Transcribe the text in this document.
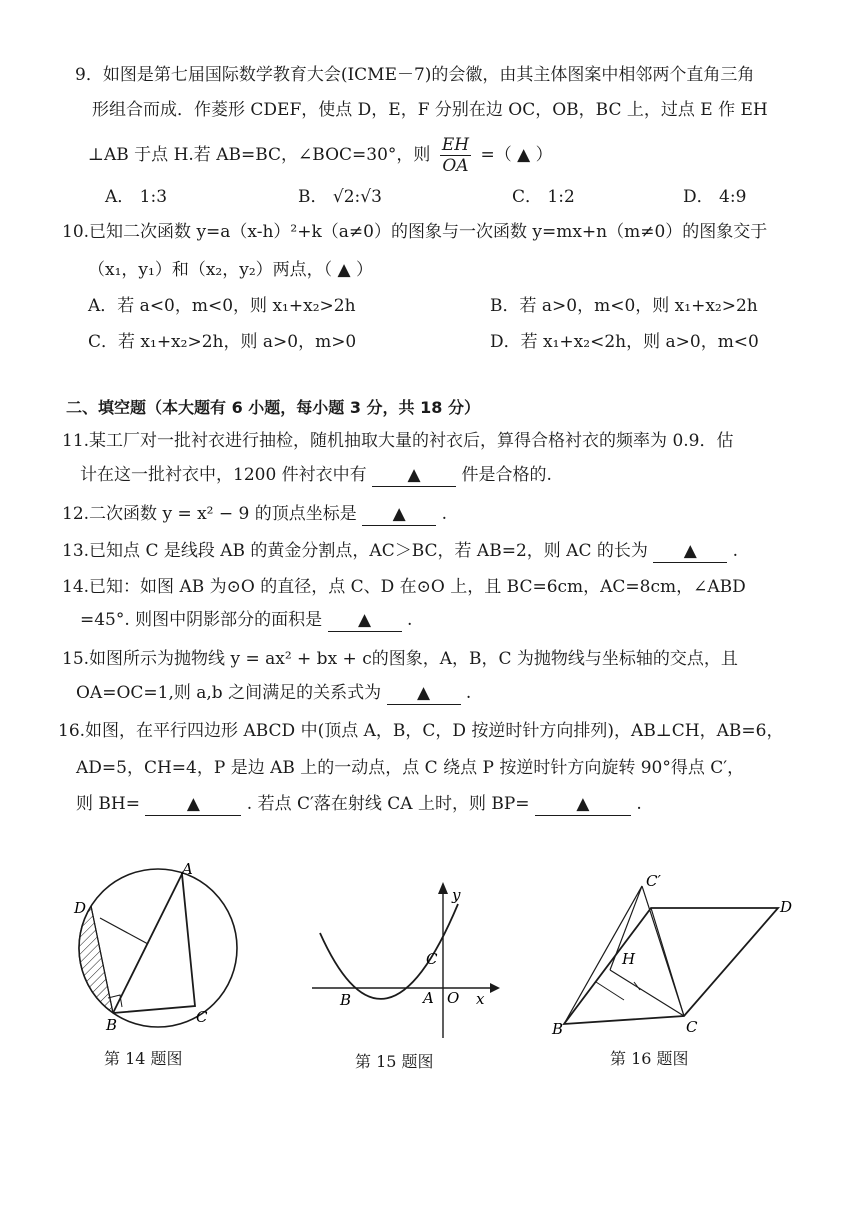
9．如图是第七届国际数学教育大会(ICME－7)的会徽，由其主体图案中相邻两个直角三角
形组合而成．作菱形 CDEF，使点 D，E，F 分别在边 OC，OB，BC 上，过点 E 作 EH
⊥AB 于点 H.若 AB=BC，∠BOC=30°，则 $\frac{EH}{OA}$ =（ ▲ ）
A． 1:3	B． √2:√3	C． 1:2	D． 4:9
10.已知二次函数 y=a（x-h）²+k（a≠0）的图象与一次函数 y=mx+n（m≠0）的图象交于
（x₁，y₁）和（x₂，y₂）两点，（ ▲ ）
A．若 a<0，m<0，则 x₁+x₂>2h	B．若 a>0，m<0，则 x₁+x₂>2h
C．若 x₁+x₂>2h，则 a>0，m>0	D．若 x₁+x₂<2h，则 a>0，m<0
二、填空题（本大题有 6 小题，每小题 3 分，共 18 分）
11.某工厂对一批衬衣进行抽检，随机抽取大量的衬衣后，算得合格衬衣的频率为 0.9．估
计在这一批衬衣中，1200 件衬衣中有 ▲ 件是合格的.
12.二次函数 y = x² − 9 的顶点坐标是 ▲ .
13.已知点 C 是线段 AB 的黄金分割点，AC＞BC，若 AB=2，则 AC 的长为 ▲ .
14.已知：如图 AB 为⊙O 的直径，点 C、D 在⊙O 上，且 BC=6cm，AC=8cm，∠ABD
=45°. 则图中阴影部分的面积是 ▲ .
15.如图所示为抛物线 y = ax² + bx + c的图象，A，B，C 为抛物线与坐标轴的交点，且
OA=OC=1,则 a,b 之间满足的关系式为 ▲ .
16.如图，在平行四边形 ABCD 中(顶点 A，B，C，D 按逆时针方向排列)，AB⊥CH，AB=6，
AD=5，CH=4，P 是边 AB 上的一动点，点 C 绕点 P 按逆时针方向旋转 90°得点 C′，
则 BH=	▲	. 若点 C′落在射线 CA 上时，则 BP=	▲	.
A
B	C
D
第 14 题图
y
x
B	A O
C
第 15 题图
C′
D
H
B	C
第 16 题图
